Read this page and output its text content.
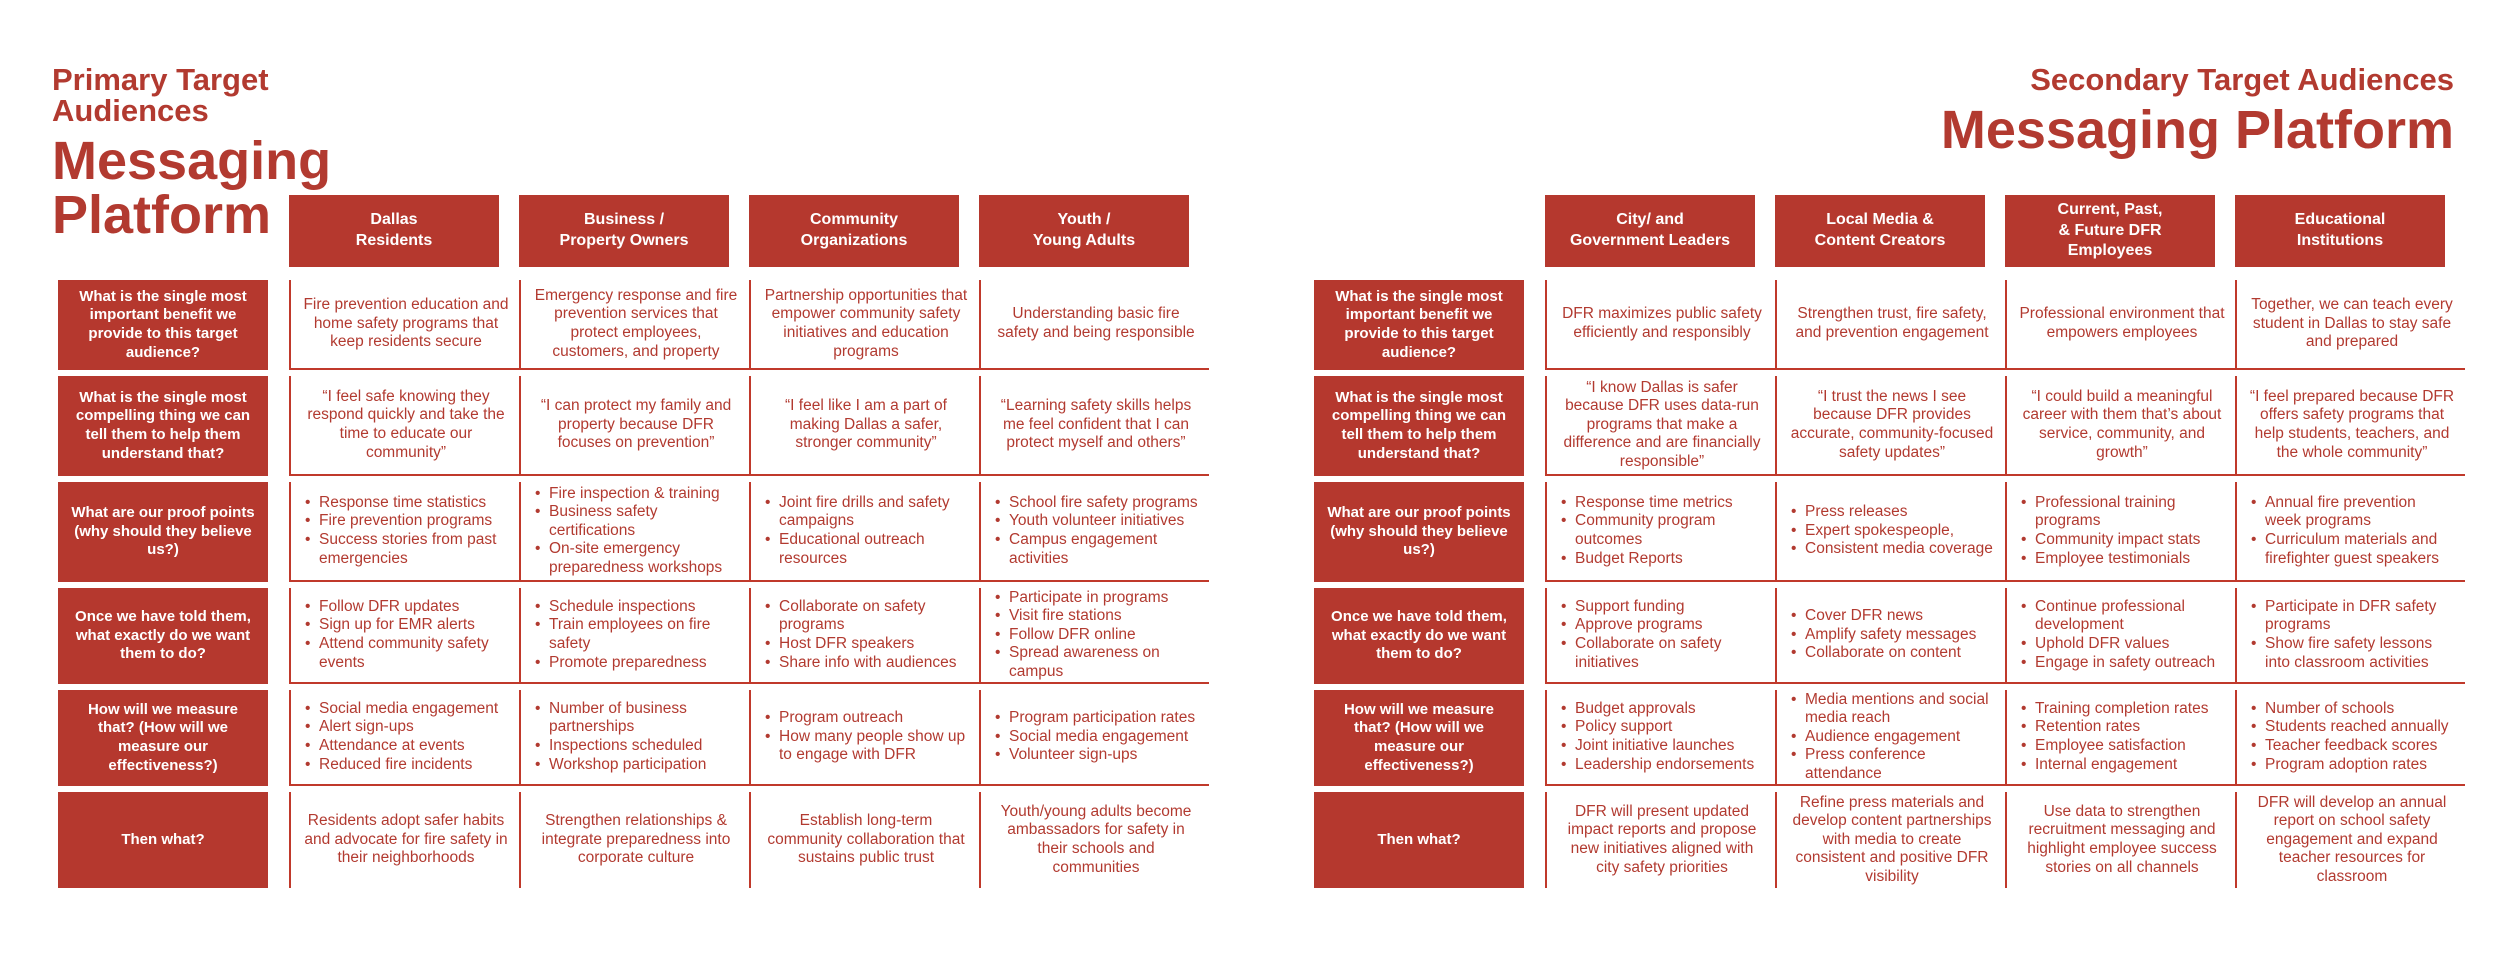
Primary Target Audiences
Messaging Platform	Dallas
Residents
Business /
Property Owners
Community
Organizations
Youth /
Young Adults
What is the single most important benefit we provide to this target audience?
Fire prevention education and home safety programs that keep residents secure
Emergency response and fire prevention services that protect employees, customers, and property
Partnership opportunities that empower community safety initiatives and education programs
Understanding basic fire safety and being responsible
What is the single most compelling thing we can tell them to help them understand that?
“I feel safe knowing they respond quickly and take the time to educate our community”
“I can protect my family and property because DFR focuses on prevention”
“I feel like I am a part of making Dallas a safer, stronger community”
“Learning safety skills helps me feel confident that I can protect myself and others”
What are our proof points (why should they believe us?)
• Response time statistics
• Fire prevention programs
• Success stories from past emergencies
• Fire inspection & training
• Business safety certifications
• On-site emergency preparedness workshops
• Joint fire drills and safety campaigns
• Educational outreach resources
• School fire safety programs
• Youth volunteer initiatives
• Campus engagement activities
Once we have told them, what exactly do we want them to do?
• Follow DFR updates
• Sign up for EMR alerts
• Attend community safety events
• Schedule inspections
• Train employees on fire safety
• Promote preparedness
• Collaborate on safety programs
• Host DFR speakers
• Share info with audiences
• Participate in programs
• Visit fire stations
• Follow DFR online
• Spread awareness on campus
How will we measure that? (How will we measure our effectiveness?)
• Social media engagement
• Alert sign-ups
• Attendance at events
• Reduced fire incidents
• Number of business partnerships
• Inspections scheduled
• Workshop participation
• Program outreach
• How many people show up to engage with DFR
• Program participation rates
• Social media engagement
• Volunteer sign-ups
Then what?
Residents adopt safer habits and advocate for fire safety in their neighborhoods
Strengthen relationships & integrate preparedness into corporate culture
Establish long-term community collaboration that sustains public trust
Youth/young adults become ambassadors for safety in their schools and communities
City/ and
Government Leaders
Local Media &
Content Creators
Current, Past,
& Future DFR
Employees
Educational
Institutions
What is the single most important benefit we provide to this target audience?
DFR maximizes public safety efficiently and responsibly
Strengthen trust, fire safety, and prevention engagement
Professional environment that empowers employees
Together, we can teach every student in Dallas to stay safe and prepared
What is the single most compelling thing we can tell them to help them understand that?
“I know Dallas is safer because DFR uses data-run programs that make a difference and are financially responsible”
“I trust the news I see because DFR provides accurate, community-focused safety updates”
“I could build a meaningful career with them that’s about service, community, and growth”
“I feel prepared because DFR offers safety programs that help students, teachers, and the whole community”
What are our proof points (why should they believe us?)
• Response time metrics
• Community program outcomes
• Budget Reports
• Press releases
• Expert spokespeople,
• Consistent media coverage
• Professional training programs
• Community impact stats
• Employee testimonials
• Annual fire prevention week programs
• Curriculum materials and firefighter guest speakers
Once we have told them, what exactly do we want them to do?
• Support funding
• Approve programs
• Collaborate on safety initiatives
• Cover DFR news
• Amplify safety messages
• Collaborate on content
• Continue professional development
• Uphold DFR values
• Engage in safety outreach
• Participate in DFR safety programs
• Show fire safety lessons into classroom activities
How will we measure that? (How will we measure our effectiveness?)
• Budget approvals
• Policy support
• Joint initiative launches
• Leadership endorsements
• Media mentions and social media reach
• Audience engagement
• Press conference attendance
• Training completion rates
• Retention rates
• Employee satisfaction
• Internal engagement
• Number of schools
• Students reached annually
• Teacher feedback scores
• Program adoption rates
Then what?
DFR will present updated impact reports and propose new initiatives aligned with city safety priorities
Refine press materials and develop content partnerships with media to create consistent and positive DFR visibility
Use data to strengthen recruitment messaging and highlight employee success stories on all channels
DFR will develop an annual report on school safety engagement and expand teacher resources for classroom
Secondary Target Audiences
Messaging Platform
